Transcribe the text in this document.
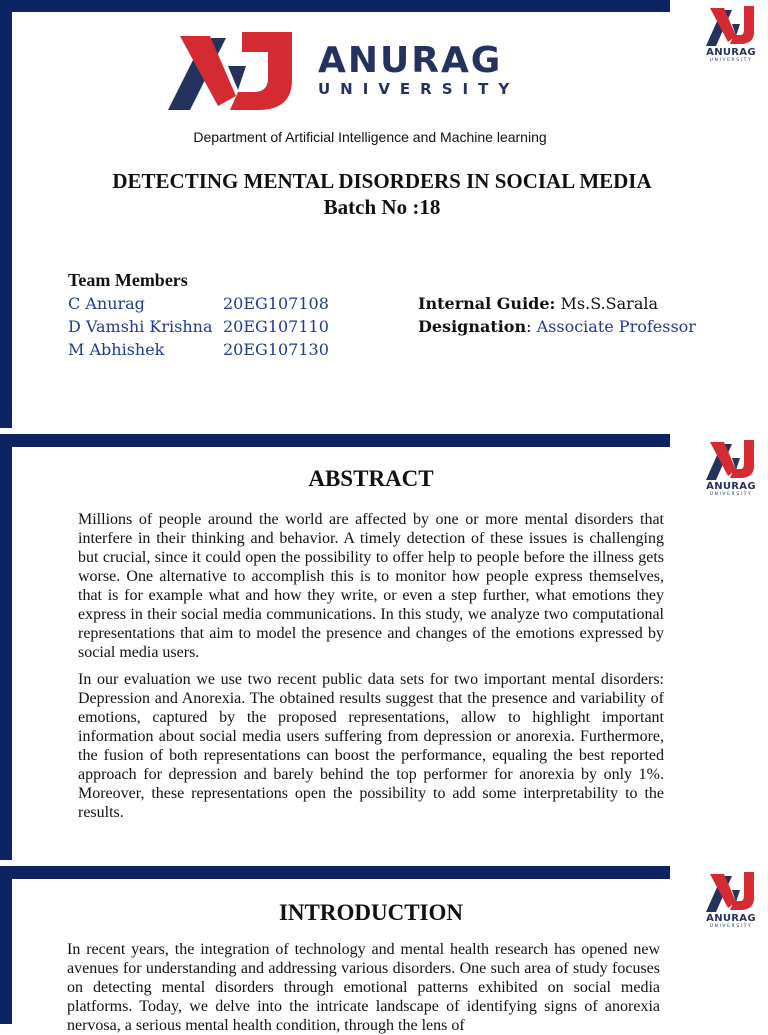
ANURAG
UNIVERSITY
ANURAG
UNIVERSITY
Department of Artificial Intelligence and Machine learning
DETECTING MENTAL DISORDERS IN SOCIAL MEDIA
Batch No :18
Team Members
C Anurag	20EG107108
D Vamshi Krishna 20EG107110
M Abhishek	20EG107130
Internal Guide: Ms.S.Sarala
Designation: Associate Professor
ANURAG
UNIVERSITY
ABSTRACT

Millions of people around the world are affected by one or more mental disorders that interfere in their thinking and behavior. A timely detection of these issues is challenging but crucial, since it could open the possibility to offer help to people before the illness gets worse. One alternative to accomplish this is to monitor how people express themselves, that is for example what and how they write, or even a step further, what emotions they express in their social media communications. In this study, we analyze two computational representations that aim to model the presence and changes of the emotions expressed by social media users.

In our evaluation we use two recent public data sets for two important mental disorders: Depression and Anorexia. The obtained results suggest that the presence and variability of emotions, captured by the proposed representations, allow to highlight important information about social media users suffering from depression or anorexia. Furthermore, the fusion of both representations can boost the performance, equaling the best reported approach for depression and barely behind the top performer for anorexia by only 1%. Moreover, these representations open the possibility to add some interpretability to the results.

ANURAG
UNIVERSITY
INTRODUCTION

In recent years, the integration of technology and mental health research has opened new avenues for understanding and addressing various disorders. One such area of study focuses on detecting mental disorders through emotional patterns exhibited on social media platforms. Today, we delve into the intricate landscape of identifying signs of anorexia nervosa, a serious mental health condition, through the lens of
